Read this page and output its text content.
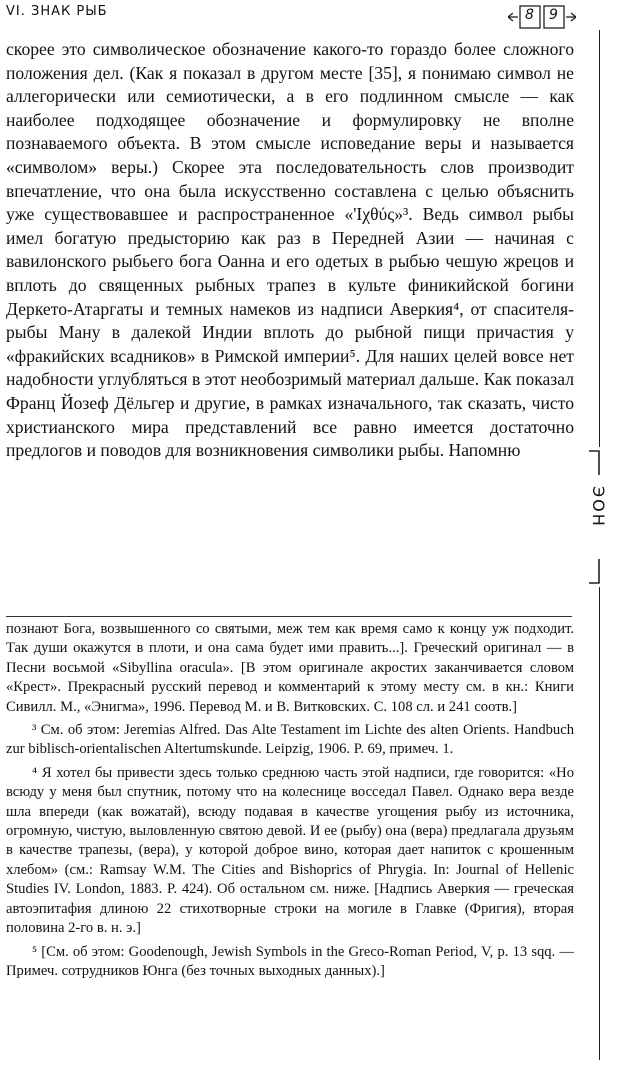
VI. ЗНАК РЫБ	8 9
ЭОН

скорее это символическое обозначение какого-то гораздо более сложного положения дел. (Как я показал в другом месте [35], я понимаю символ не аллегорически или семиотически, а в его подлинном смысле — как наиболее подходящее обозначение и формулировку не вполне познаваемого объекта. В этом смысле исповедание веры и называется «символом» веры.) Скорее эта последовательность слов производит впечатление, что она была искусственно составлена с целью объяснить уже существовавшее и распространенное «'Ιχθύς»³. Ведь символ рыбы имел богатую предысторию как раз в Передней Азии — начиная с вавилонского рыбьего бога Оанна и его одетых в рыбью чешую жрецов и вплоть до священных рыбных трапез в культе финикийской богини Деркето-Атаргаты и темных намеков из надписи Аверкия⁴, от спасителя-рыбы Ману в далекой Индии вплоть до рыбной пищи причастия у «фракийских всадников» в Римской империи⁵. Для наших целей вовсе нет надобности углубляться в этот необозримый материал дальше. Как показал Франц Йозеф Дёльгер и другие, в рамках изначального, так сказать, чисто христианского мира представлений все равно имеется достаточно предлогов и поводов для возникновения символики рыбы. Напомню

познают Бога, возвышенного со святыми, меж тем как время само к концу уж подходит. Так души окажутся в плоти, и она сама будет ими править...]. Греческий оригинал — в Песни восьмой «Sibyllina oracula». [В этом оригинале акростих заканчивается словом «Крест». Прекрасный русский перевод и комментарий к этому месту см. в кн.: Книги Сивилл. М., «Энигма», 1996. Перевод М. и В. Витковских. С. 108 сл. и 241 соотв.]

³ См. об этом: Jeremias Alfred. Das Alte Testament im Lichte des alten Orients. Handbuch zur biblisch-orientalischen Altertumskunde. Leipzig, 1906. P. 69, примеч. 1.

⁴ Я хотел бы привести здесь только среднюю часть этой надписи, где говорится: «Но всюду у меня был спутник, потому что на колеснице восседал Павел. Однако вера везде шла впереди (как вожатай), всюду подавая в качестве угощения рыбу из источника, огромную, чистую, выловленную святою девой. И ее (рыбу) она (вера) предлагала друзьям в качестве трапезы, (вера), у которой доброе вино, которая дает напиток с крошенным хлебом» (см.: Ramsay W.M. The Cities and Bishoprics of Phrygia. In: Journal of Hellenic Studies IV. London, 1883. P. 424). Об остальном см. ниже. [Надпись Аверкия — греческая автоэпитафия длиною 22 стихотворные строки на могиле в Главке (Фригия), вторая половина 2-го в. н. э.]

⁵ [См. об этом: Goodenough, Jewish Symbols in the Greco-Roman Period, V, p. 13 sqq. — Примеч. сотрудников Юнга (без точных выходных данных).]
